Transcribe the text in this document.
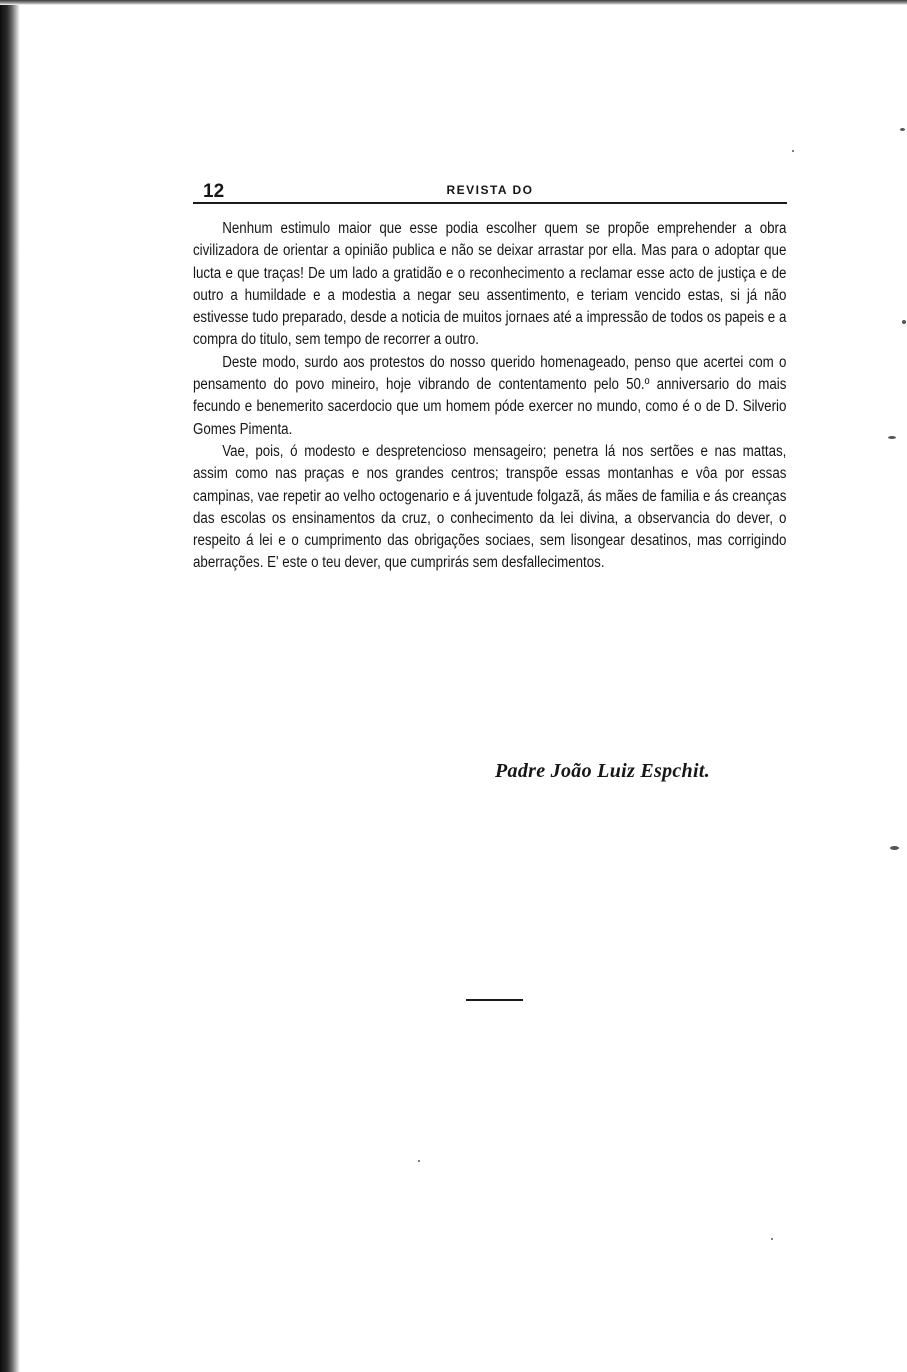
12	REVISTA DO

Nenhum estimulo maior que esse podia escolher quem se propõe emprehender a obra civilizadora de orientar a opinião publica e não se deixar arrastar por ella. Mas para o adoptar que lucta e que traças! De um lado a gratidão e o reconhecimento a reclamar esse acto de justiça e de outro a humildade e a modestia a negar seu assentimento, e teriam vencido estas, si já não estivesse tudo preparado, desde a noticia de muitos jornaes até a impressão de todos os papeis e a compra do titulo, sem tempo de recorrer a outro.

Deste modo, surdo aos protestos do nosso querido homenageado, penso que acertei com o pensamento do povo mineiro, hoje vibrando de contentamento pelo 50.º anniversario do mais fecundo e benemerito sacerdocio que um homem póde exercer no mundo, como é o de D. Silverio Gomes Pimenta.

Vae, pois, ó modesto e despretencioso mensageiro; penetra lá nos sertões e nas mattas, assim como nas praças e nos grandes centros; transpõe essas montanhas e vôa por essas campinas, vae repetir ao velho octogenario e á juventude folgazã, ás mães de familia e ás creanças das escolas os ensinamentos da cruz, o conhecimento da lei divina, a observancia do dever, o respeito á lei e o cumprimento das obrigações sociaes, sem lisongear desatinos, mas corrigindo aberrações. E' este o teu dever, que cumprirás sem desfallecimentos.

Padre João Luiz Espchit.
